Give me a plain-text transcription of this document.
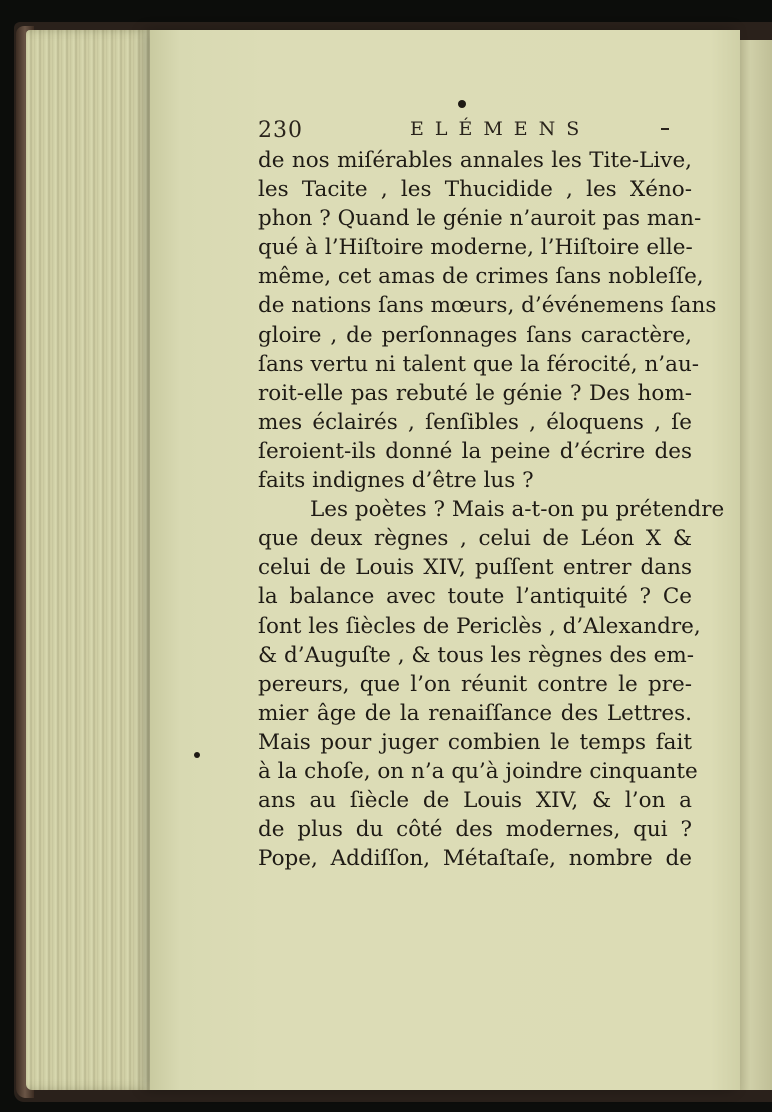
230	ELÉMENS
de nos miſérables annales les Tite-Live,
les Tacite , les Thucidide , les Xéno-
phon ? Quand le génie n’auroit pas man-
qué à l’Hiſtoire moderne, l’Hiſtoire elle-
même, cet amas de crimes ſans nobleſſe,
de nations ſans mœurs, d’événemens ſans
gloire , de perſonnages ſans caractère,
ſans vertu ni talent que la férocité, n’au-
roit-elle pas rebuté le génie ? Des hom-
mes éclairés , ſenſibles , éloquens , ſe
ſeroient-ils donné la peine d’écrire des
faits indignes d’être lus ?
Les poètes ? Mais a-t-on pu prétendre
que deux règnes , celui de Léon X &
celui de Louis XIV, puſſent entrer dans
la balance avec toute l’antiquité ? Ce
ſont les ſiècles de Periclès , d’Alexandre,
& d’Auguſte , & tous les règnes des em-
pereurs, que l’on réunit contre le pre-
mier âge de la renaiſſance des Lettres.
Mais pour juger combien le temps fait
à la choſe, on n’a qu’à joindre cinquante
ans au ſiècle de Louis XIV, & l’on a
de plus du côté des modernes, qui ?
Pope, Addiſſon, Métaſtaſe, nombre de
